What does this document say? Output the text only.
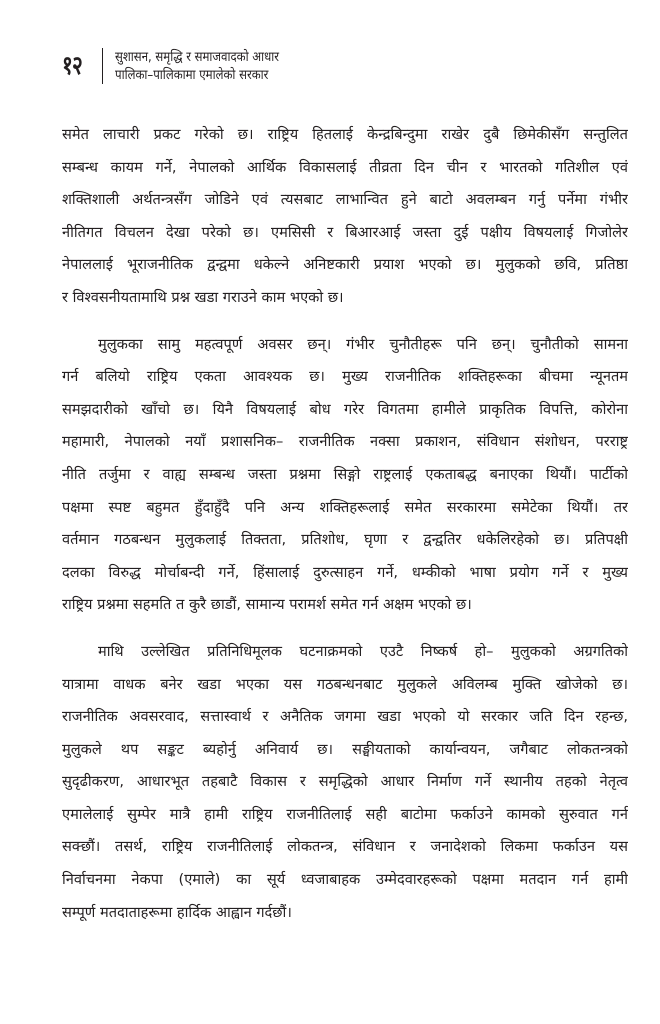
१२	सुशासन, समृद्धि र समाजवादको आधार
पालिका–पालिकामा एमालेको सरकार

समेत लाचारी प्रकट गरेको छ। राष्ट्रिय हितलाई केन्द्रबिन्दुमा राखेर दुबै छिमेकीसँग सन्तुलित
सम्बन्ध कायम गर्ने, नेपालको आर्थिक विकासलाई तीव्रता दिन चीन र भारतको गतिशील एवं
शक्तिशाली अर्थतन्त्रसँग जोडिने एवं त्यसबाट लाभान्वित हुने बाटो अवलम्बन गर्नु पर्नेमा गंभीर
नीतिगत विचलन देखा परेको छ। एमसिसी र बिआरआई जस्ता दुई पक्षीय विषयलाई गिजोलेर
नेपाललाई भूराजनीतिक द्वन्द्वमा धकेल्ने अनिष्टकारी प्रयाश भएको छ। मुलुकको छवि, प्रतिष्ठा
र विश्वसनीयतामाथि प्रश्न खडा गराउने काम भएको छ।

मुलुकका सामु महत्वपूर्ण अवसर छन्। गंभीर चुनौतीहरू पनि छन्। चुनौतीको सामना
गर्न बलियो राष्ट्रिय एकता आवश्यक छ। मुख्य राजनीतिक शक्तिहरूका बीचमा न्यूनतम
समझदारीको खाँचो छ। यिनै विषयलाई बोध गरेर विगतमा हामीले प्राकृतिक विपत्ति, कोरोना
महामारी, नेपालको नयाँ प्रशासनिक– राजनीतिक नक्सा प्रकाशन, संविधान संशोधन, परराष्ट्र
नीति तर्जुमा र वाह्य सम्बन्ध जस्ता प्रश्नमा सिङ्गो राष्ट्रलाई एकताबद्ध बनाएका थियौं। पार्टीको
पक्षमा स्पष्ट बहुमत हुँदाहुँदै पनि अन्य शक्तिहरूलाई समेत सरकारमा समेटेका थियौं। तर
वर्तमान गठबन्धन मुलुकलाई तिक्तता, प्रतिशोध, घृणा र द्वन्द्वतिर धकेलिरहेको छ। प्रतिपक्षी
दलका विरुद्ध मोर्चाबन्दी गर्ने, हिंसालाई दुरुत्साहन गर्ने, धम्कीको भाषा प्रयोग गर्ने र मुख्य
राष्ट्रिय प्रश्नमा सहमति त कुरै छाडौं, सामान्य परामर्श समेत गर्न अक्षम भएको छ।

माथि उल्लेखित प्रतिनिधिमूलक घटनाक्रमको एउटै निष्कर्ष हो– मुलुकको अग्रगतिको
यात्रामा वाधक बनेर खडा भएका यस गठबन्धनबाट मुलुकले अविलम्ब मुक्ति खोजेको छ।
राजनीतिक अवसरवाद, सत्तास्वार्थ र अनैतिक जगमा खडा भएको यो सरकार जति दिन रहन्छ,
मुलुकले थप सङ्कट ब्यहोर्नु अनिवार्य छ। सङ्घीयताको कार्यान्वयन, जगैबाट लोकतन्त्रको
सुदृढीकरण, आधारभूत तहबाटै विकास र समृद्धिको आधार निर्माण गर्ने स्थानीय तहको नेतृत्व
एमालेलाई सुम्पेर मात्रै हामी राष्ट्रिय राजनीतिलाई सही बाटोमा फर्काउने कामको सुरुवात गर्न
सक्छौं। तसर्थ, राष्ट्रिय राजनीतिलाई लोकतन्त्र, संविधान र जनादेशको लिकमा फर्काउन यस
निर्वाचनमा नेकपा (एमाले) का सूर्य ध्वजाबाहक उम्मेदवारहरूको पक्षमा मतदान गर्न हामी
सम्पूर्ण मतदाताहरूमा हार्दिक आह्वान गर्दछौं।
